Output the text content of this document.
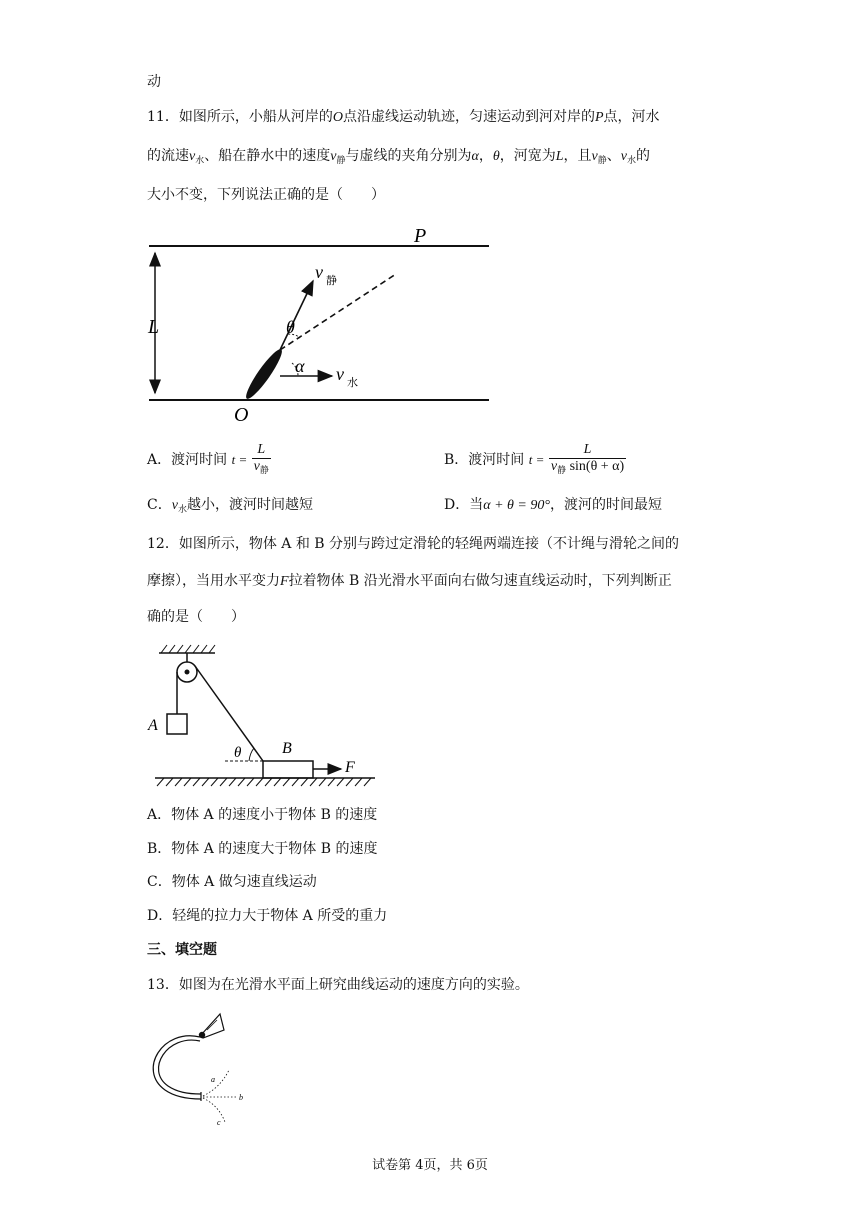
动
11．如图所示，小船从河岸的O点沿虚线运动轨迹，匀速运动到河对岸的P点，河水
的流速$v_水$、船在静水中的速度$v_静$与虚线的夹角分别为α，θ，河宽为L，且$v_静$、$v_水$的
大小不变，下列说法正确的是（　　）
P
L
O
θ
α
v 静
v 水
A．渡河时间 $t = \frac{L}{v_静}$	B．渡河时间 $t = \frac{L}{v_静 \sin(\theta + \alpha)}$
C．$v_水$越小，渡河时间越短	D．当α + θ = 90°，渡河的时间最短
12．如图所示，物体 A 和 B 分别与跨过定滑轮的轻绳两端连接（不计绳与滑轮之间的
摩擦），当用水平变力F拉着物体 B 沿光滑水平面向右做匀速直线运动时，下列判断正
确的是（　　）
A
B
θ
F
A．物体 A 的速度小于物体 B 的速度
B．物体 A 的速度大于物体 B 的速度
C．物体 A 做匀速直线运动
D．轻绳的拉力大于物体 A 所受的重力
三、填空题
13．如图为在光滑水平面上研究曲线运动的速度方向的实验。
a
b
c
试卷第 4页，共 6页
